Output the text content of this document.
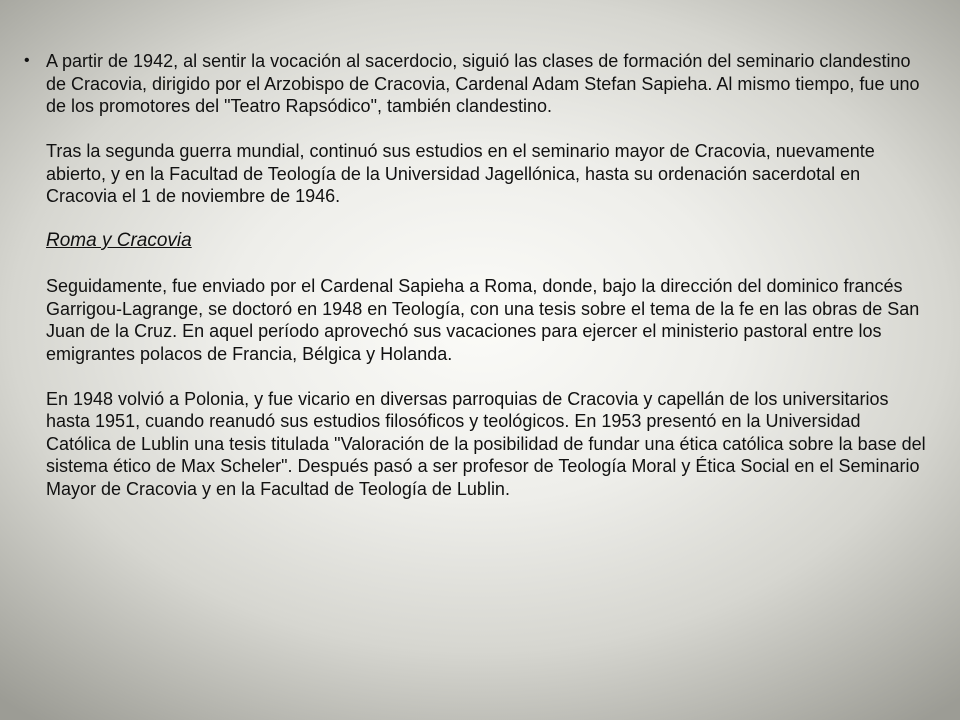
• A partir de 1942, al sentir la vocación al sacerdocio, siguió las clases de formación del seminario clandestino de Cracovia, dirigido por el Arzobispo de Cracovia, Cardenal Adam Stefan Sapieha. Al mismo tiempo, fue uno de los promotores del "Teatro Rapsódico", también clandestino.

Tras la segunda guerra mundial, continuó sus estudios en el seminario mayor de Cracovia, nuevamente abierto, y en la Facultad de Teología de la Universidad Jagellónica, hasta su ordenación sacerdotal en Cracovia el 1 de noviembre de 1946.

Roma y Cracovia

Seguidamente, fue enviado por el Cardenal Sapieha a Roma, donde, bajo la dirección del dominico francés Garrigou-Lagrange, se doctoró en 1948 en Teología, con una tesis sobre el tema de la fe en las obras de San Juan de la Cruz. En aquel período aprovechó sus vacaciones para ejercer el ministerio pastoral entre los emigrantes polacos de Francia, Bélgica y Holanda.

En 1948 volvió a Polonia, y fue vicario en diversas parroquias de Cracovia y capellán de los universitarios hasta 1951, cuando reanudó sus estudios filosóficos y teológicos. En 1953 presentó en la Universidad Católica de Lublin una tesis titulada "Valoración de la posibilidad de fundar una ética católica sobre la base del sistema ético de Max Scheler". Después pasó a ser profesor de Teología Moral y Ética Social en el Seminario Mayor de Cracovia y en la Facultad de Teología de Lublin.
